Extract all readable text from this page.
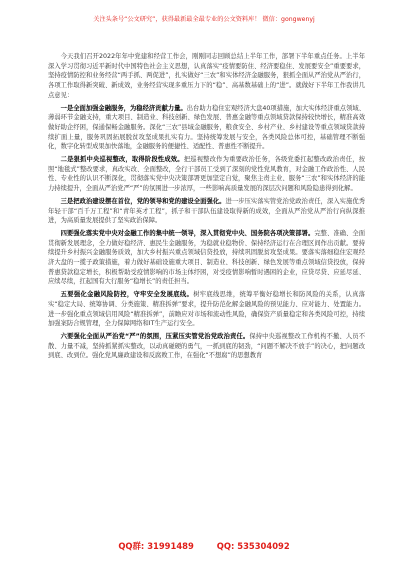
关注头条号“公文研究”，获得最新最全最专业的公文资料库！ 微信：gongwenyj

今天我们召开2022年年中党建和经营工作会，刚刚同志回顾总结上半年工作，部署下半年重点任务。上半年深入学习贯彻习近平新时代中国特色社会主义思想，认真落实“疫情要防住、经济要稳住、发展要安全”重要要求，坚持疫情防控和业务经营“两手抓、两促进”，扎实做好“三农”和实体经济金融服务，狠抓全面从严治党从严治行，各项工作取得新突破、新成效，业务经营实现多重压力下的“稳”、高基数基础上的“进”。就做好下半年工作我讲几点意见：

一是全面加强金融服务，为稳经济贡献力量。出台助力稳住宏观经济大盘40项措施，加大实体经济重点领域、薄弱环节金融支持，重大项目、制造业、科技创新、绿色发展、普惠金融等重点领域贷款保持较快增长，精准高效做好助企纾困，保通保畅金融服务。深化“三农”县域金融服务，粮食安全、乡村产业、乡村建设等重点领域贷款持续扩面上量，服务巩固拓展脱贫攻坚成果扎实有力。坚持统筹发展与安全，各类风险总体可控，基础管理不断强化，数字化转型成果加快落地，金融服务的便捷性、适配性、普惠性不断提升。

二是狠抓中央巡视整改，取得阶段性成效。把巡视整改作为重要政治任务，各级党委扛起整改政治责任，按照“地毯式”整改要求，真改实改、全面整改，全行干部员工受到了深刻的党性党风教育，对金融工作政治性、人民性、专业性的认识不断深化，贯彻落实党中央决策部署更加坚定自觉，聚焦主责主业、服务“三农”和实体经济的能力持续提升，全面从严治党严“严”的氛围进一步浓厚，一些影响高质量发展的深层次问题和风险隐患得到化解。

三是把政治建设摆在首位，党的领导和党的建设全面强化。进一步压实落实管党治党政治责任，深入实施优秀年轻干部“百千万工程”和“青年英才工程”，抓子和干部队伍建设取得新的成效，全面从严治党从严治行向纵深推进，为高质量发展提供了坚实政治保障。

四要强化落实党中央对金融工作的集中统一领导，深入贯彻党中央、国务院各项决策部署。完整、准确、全面贯彻新发展理念，全力做好稳经济、惠民生金融服务，为稳就业稳物价、保持经济运行在合理区间作出贡献。要持续提升乡村振兴金融服务质效，加大乡村振兴重点领域信贷投放，持续巩固脱贫攻坚成果。要落实落细稳住宏观经济大盘的一揽子政策措施，着力做好基础设施重大项目、制造业、科技创新、绿色发展等重点领域信贷投放，保持普惠贷款稳定增长，积极帮助受疫情影响的市场主体纾困，对受疫情影响暂时遇困的企业，应贷尽贷、应延尽延、应续尽续，扛起国有大行服务“稳增长”的责任担当。

五要强化金融风险防控，守牢安全发展底线。树牢底线思维，统筹平衡好稳增长和防风险的关系，认真落实“稳定大局、统筹协调、分类施策、精准拆弹”要求，提升防范化解金融风险的预见能力、应对能力、处置能力。进一步强化重点领域信用风险“精准拆弹”，前瞻应对市场和流动性风险，确保资产质量稳定和各类风险可控，持续加强案防合规管理，全力保障网络和IT生产运行安全。

六要强化全面从严治党“严”的氛围，压紧压实管党治党政治责任。保持中央巡视整改工作机构不撤、人员不散、力量不减，坚持抓紧抓实整改，以动真碰硬的勇气，一抓到底的韧劲，“问题不解决不放手”的决心，把问题改到底、改到位。强化党风廉政建设和反腐败工作，在强化“不想腐”的思想教育

QQ群: 31991489	QQ: 535304092
